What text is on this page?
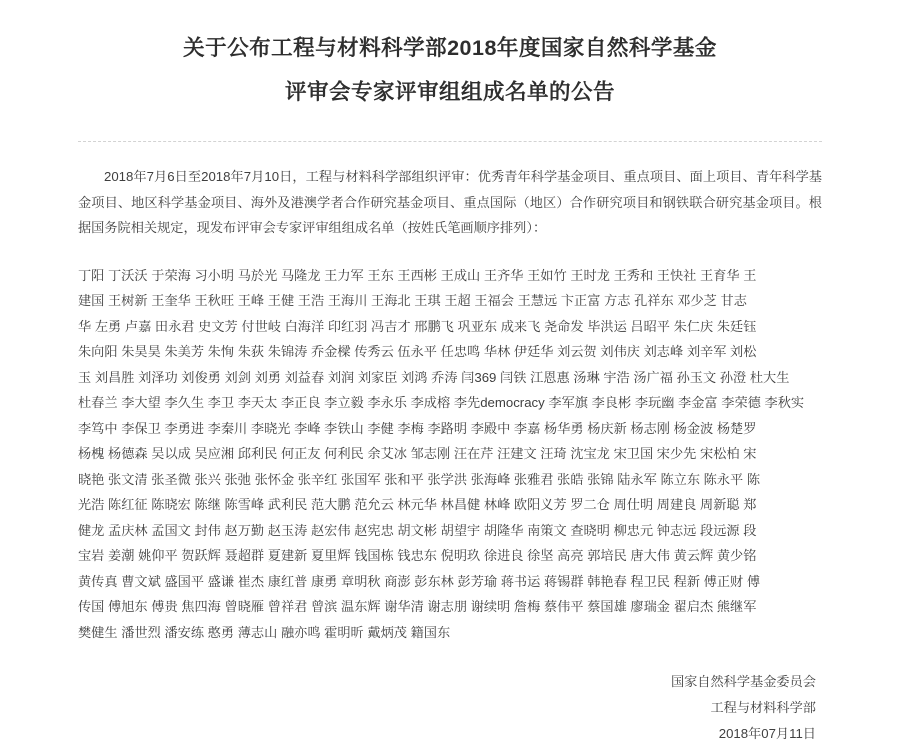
关于公布工程与材料科学部2018年度国家自然科学基金
评审会专家评审组组成名单的公告

2018年7月6日至2018年7月10日，工程与材料科学部组织评审：优秀青年科学基金项目、重点项目、面上项目、青年科学基金项目、地区科学基金项目、海外及港澳学者合作研究基金项目、重点国际（地区）合作研究项目和钢铁联合研究基金项目。根据国务院相关规定，现发布评审会专家评审组组成名单（按姓氏笔画顺序排列）：

丁阳 丁沃沃 于荣海 习小明 马於光 马隆龙 王力军 王东 王西彬 王成山 王齐华 王如竹 王时龙 王秀和 王快社 王育华 王
建国 王树新 王奎华 王秋旺 王峰 王健 王浩 王海川 王海北 王琪 王超 王福会 王慧远 卞正富 方志 孔祥东 邓少芝 甘志
华 左勇 卢嘉 田永君 史文芳 付世岐 白海洋 印红羽 冯吉才 邢鹏飞 巩亚东 成来飞 尧命发 毕洪运 吕昭平 朱仁庆 朱廷钰
朱向阳 朱昊昊 朱美芳 朱恂 朱荻 朱锦涛 乔金樑 传秀云 伍永平 任忠鸣 华林 伊廷华 刘云贺 刘伟庆 刘志峰 刘辛军 刘松
玉 刘昌胜 刘泽功 刘俊勇 刘剑 刘勇 刘益春 刘润 刘家臣 刘鸿 乔涛 闫369 闫铁 江恩惠 汤琳 宇浩 汤广福 孙玉文 孙澄 杜大生
杜春兰 李大望 李久生 李卫 李天太 李正良 李立毅 李永乐 李成榕 李先democracy 李军旗 李良彬 李玩幽 李金富 李荣德 李秋实
李笃中 李保卫 李勇进 李秦川 李晓光 李峰 李铁山 李健 李梅 李路明 李殿中 李嘉 杨华勇 杨庆新 杨志刚 杨金波 杨楚罗
杨槐 杨德森 吴以成 吴应湘 邱利民 何正友 何利民 余艾冰 邹志刚 汪在芹 汪建文 汪琦 沈宝龙 宋卫国 宋少先 宋松柏 宋
晓艳 张文清 张圣微 张兴 张弛 张怀金 张辛红 张国军 张和平 张学洪 张海峰 张雅君 张皓 张锦 陆永军 陈立东 陈永平 陈
光浩 陈红征 陈晓宏 陈继 陈雪峰 武利民 范大鹏 范允云 林元华 林昌健 林峰 欧阳义芳 罗二仓 周仕明 周建良 周新聪 郑
健龙 孟庆林 孟国文 封伟 赵万勤 赵玉涛 赵宏伟 赵宪忠 胡文彬 胡望宇 胡隆华 南策文 查晓明 柳忠元 钟志远 段远源 段
宝岩 姜潮 姚仰平 贺跃辉 聂超群 夏建新 夏里辉 钱国栋 钱忠东 倪明玖 徐进良 徐坚 高亮 郭培民 唐大伟 黄云辉 黄少铭
黄传真 曹文斌 盛国平 盛谦 崔杰 康红普 康勇 章明秋 商澎 彭东林 彭芳瑜 蒋书运 蒋锡群 韩艳春 程卫民 程新 傅正财 傅
传国 傅旭东 傅贵 焦四海 曾晓雁 曾祥君 曾滨 温东辉 谢华清 谢志朋 谢续明 詹梅 蔡伟平 蔡国雄 廖瑞金 翟启杰 熊继军
樊健生 潘世烈 潘安练 憨勇 薄志山 融亦鸣 霍明昕 戴炳茂 籍国东
国家自然科学基金委员会
工程与材料科学部
2018年07月11日
